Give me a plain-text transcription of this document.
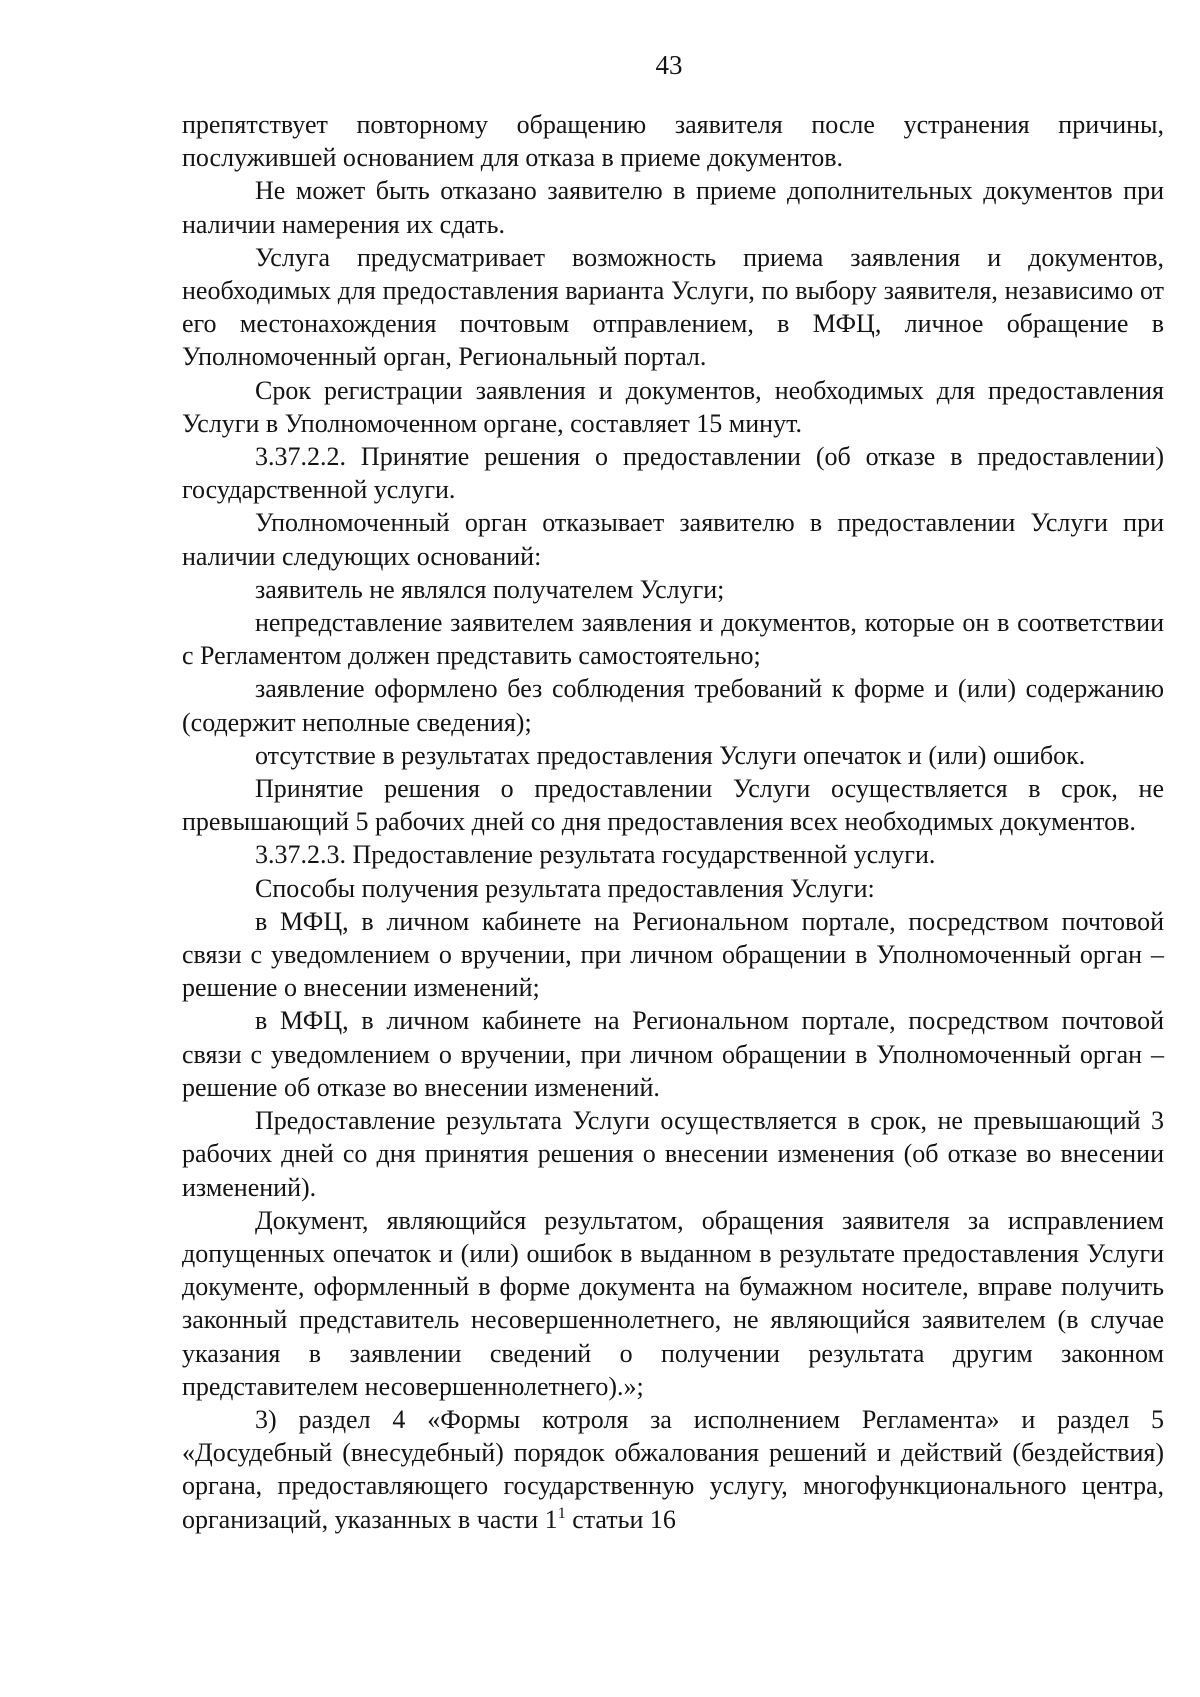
43

препятствует повторному обращению заявителя после устранения причины, послужившей основанием для отказа в приеме документов.

Не может быть отказано заявителю в приеме дополнительных документов при наличии намерения их сдать.

Услуга предусматривает возможность приема заявления и документов, необходимых для предоставления варианта Услуги, по выбору заявителя, независимо от его местонахождения почтовым отправлением, в МФЦ, личное обращение в Уполномоченный орган, Региональный портал.

Срок регистрации заявления и документов, необходимых для предоставления Услуги в Уполномоченном органе, составляет 15 минут.

3.37.2.2. Принятие решения о предоставлении (об отказе в предоставлении) государственной услуги.

Уполномоченный орган отказывает заявителю в предоставлении Услуги при наличии следующих оснований:

заявитель не являлся получателем Услуги;

непредставление заявителем заявления и документов, которые он в соответствии с Регламентом должен представить самостоятельно;

заявление оформлено без соблюдения требований к форме и (или) содержанию (содержит неполные сведения);

отсутствие в результатах предоставления Услуги опечаток и (или) ошибок.

Принятие решения о предоставлении Услуги осуществляется в срок, не превышающий 5 рабочих дней со дня предоставления всех необходимых документов.

3.37.2.3. Предоставление результата государственной услуги.

Способы получения результата предоставления Услуги:

в МФЦ, в личном кабинете на Региональном портале, посредством почтовой связи с уведомлением о вручении, при личном обращении в Уполномоченный орган – решение о внесении изменений;

в МФЦ, в личном кабинете на Региональном портале, посредством почтовой связи с уведомлением о вручении, при личном обращении в Уполномоченный орган – решение об отказе во внесении изменений.

Предоставление результата Услуги осуществляется в срок, не превышающий 3 рабочих дней со дня принятия решения о внесении изменения (об отказе во внесении изменений).

Документ, являющийся результатом, обращения заявителя за исправлением допущенных опечаток и (или) ошибок в выданном в результате предоставления Услуги документе, оформленный в форме документа на бумажном носителе, вправе получить законный представитель несовершеннолетнего, не являющийся заявителем (в случае указания в заявлении сведений о получении результата другим законном представителем несовершеннолетнего).»;

3) раздел 4 «Формы котроля за исполнением Регламента» и раздел 5 «Досудебный (внесудебный) порядок обжалования решений и действий (бездействия) органа, предоставляющего государственную услугу, многофункционального центра, организаций, указанных в части $1^1$ статьи 16
